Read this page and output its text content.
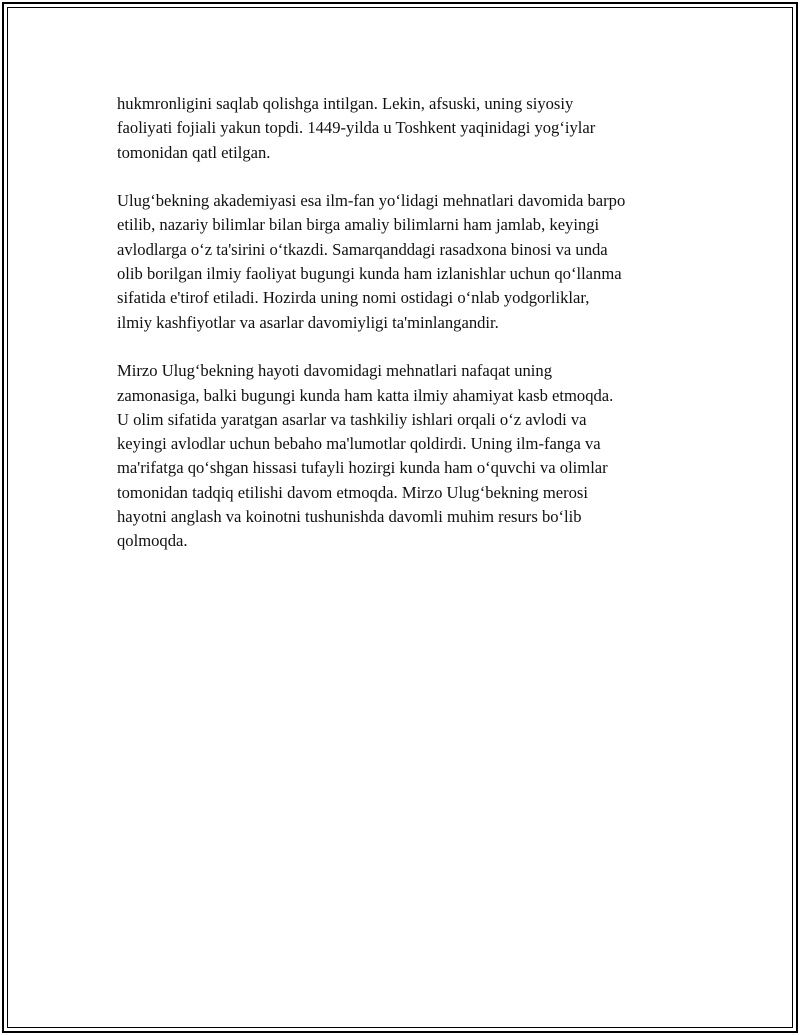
hukmronligini saqlab qolishga intilgan. Lekin, afsuski, uning siyosiy
faoliyati fojiali yakun topdi. 1449-yilda u Toshkent yaqinidagi yog‘iylar
tomonidan qatl etilgan.

Ulug‘bekning akademiyasi esa ilm-fan yo‘lidagi mehnatlari davomida barpo
etilib, nazariy bilimlar bilan birga amaliy bilimlarni ham jamlab, keyingi
avlodlarga o‘z ta'sirini o‘tkazdi. Samarqanddagi rasadxona binosi va unda
olib borilgan ilmiy faoliyat bugungi kunda ham izlanishlar uchun qo‘llanma
sifatida e'tirof etiladi. Hozirda uning nomi ostidagi o‘nlab yodgorliklar,
ilmiy kashfiyotlar va asarlar davomiyligi ta'minlangandir.

Mirzo Ulug‘bekning hayoti davomidagi mehnatlari nafaqat uning
zamonasiga, balki bugungi kunda ham katta ilmiy ahamiyat kasb etmoqda.
U olim sifatida yaratgan asarlar va tashkiliy ishlari orqali o‘z avlodi va
keyingi avlodlar uchun bebaho ma'lumotlar qoldirdi. Uning ilm-fanga va
ma'rifatga qo‘shgan hissasi tufayli hozirgi kunda ham o‘quvchi va olimlar
tomonidan tadqiq etilishi davom etmoqda. Mirzo Ulug‘bekning merosi
hayotni anglash va koinotni tushunishda davomli muhim resurs bo‘lib
qolmoqda.
